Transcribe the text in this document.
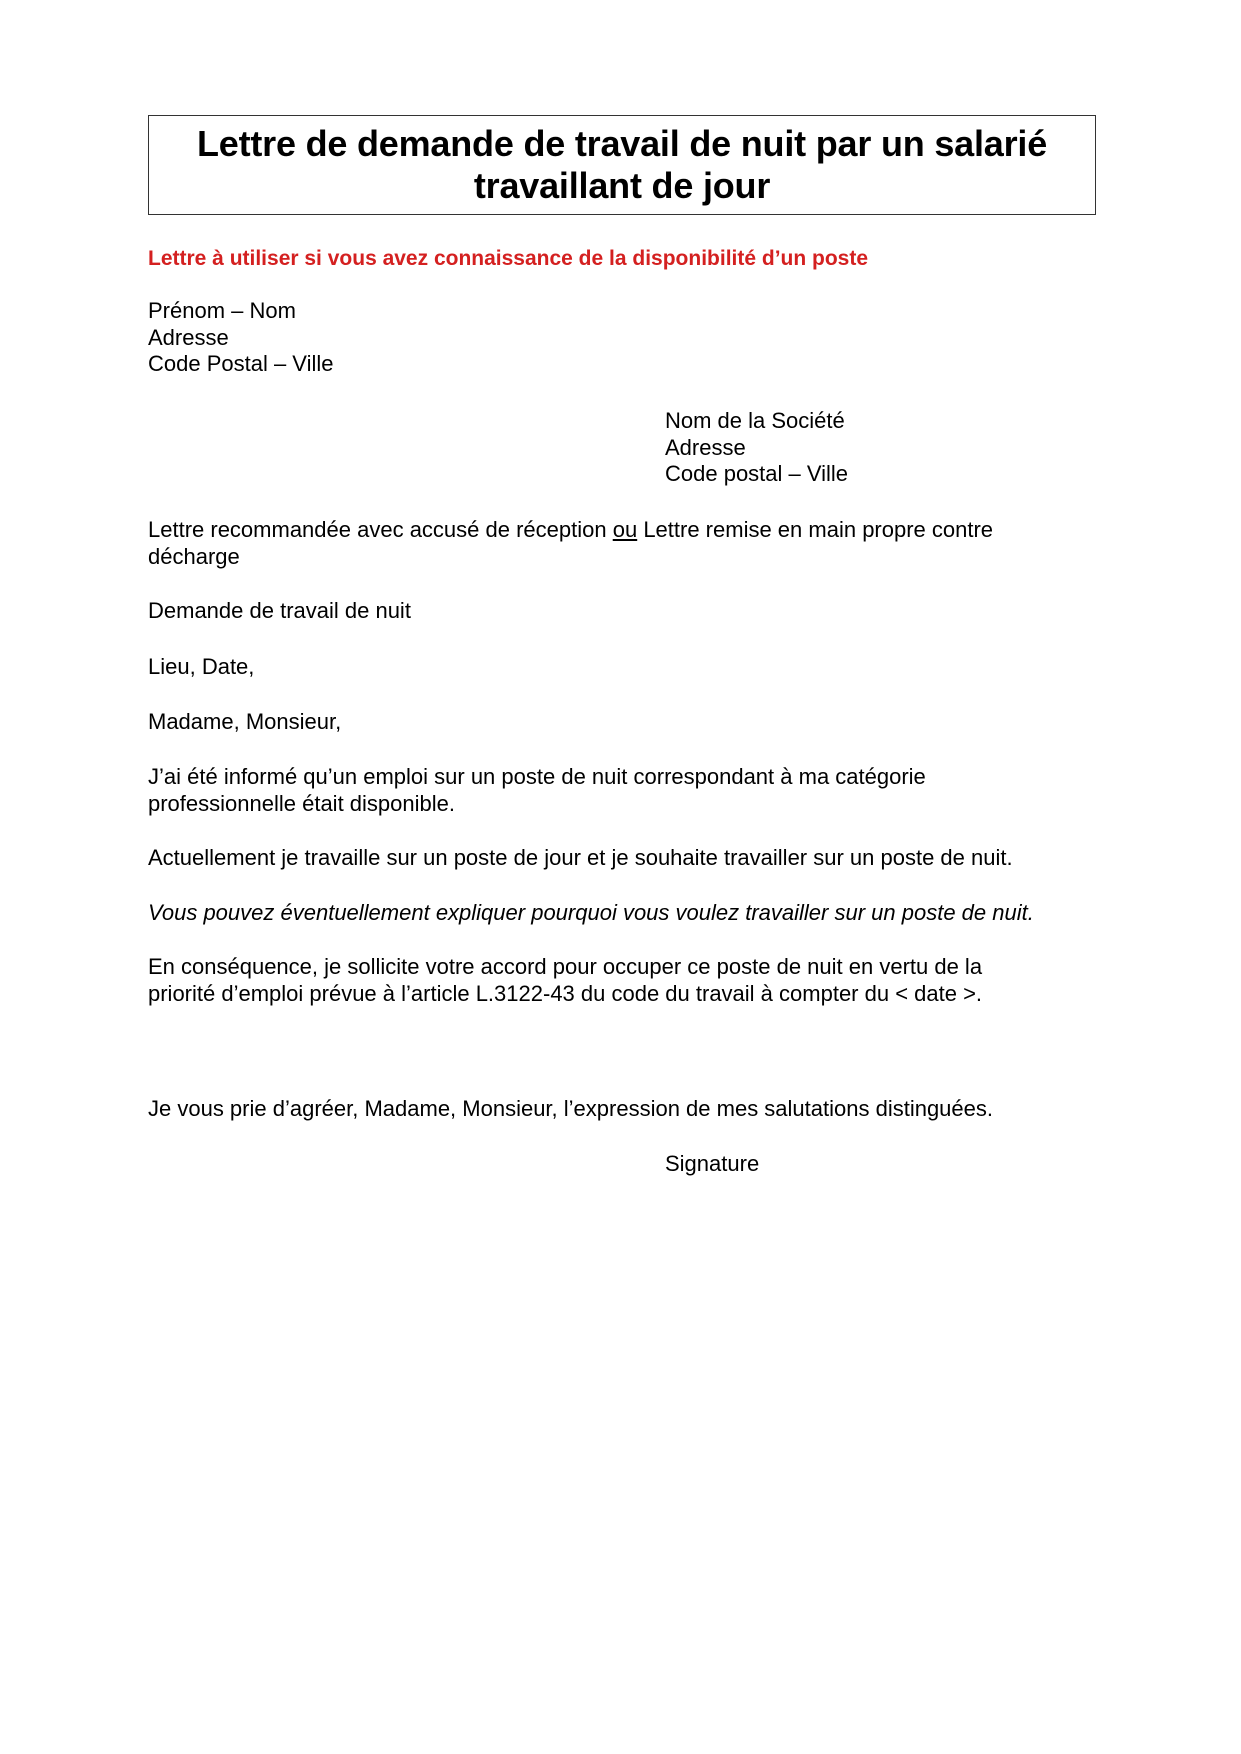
Lettre de demande de travail de nuit par un salarié
travaillant de jour
Lettre à utiliser si vous avez connaissance de la disponibilité d’un poste
Prénom – Nom
Adresse
Code Postal – Ville
Nom de la Société
Adresse
Code postal – Ville
Lettre recommandée avec accusé de réception ou Lettre remise en main propre contre
décharge
Demande de travail de nuit
Lieu, Date,
Madame, Monsieur,
J’ai été informé qu’un emploi sur un poste de nuit correspondant à ma catégorie
professionnelle était disponible.
Actuellement je travaille sur un poste de jour et je souhaite travailler sur un poste de nuit.
Vous pouvez éventuellement expliquer pourquoi vous voulez travailler sur un poste de nuit.
En conséquence, je sollicite votre accord pour occuper ce poste de nuit en vertu de la
priorité d’emploi prévue à l’article L.3122-43 du code du travail à compter du < date >.
Je vous prie d’agréer, Madame, Monsieur, l’expression de mes salutations distinguées.
Signature
